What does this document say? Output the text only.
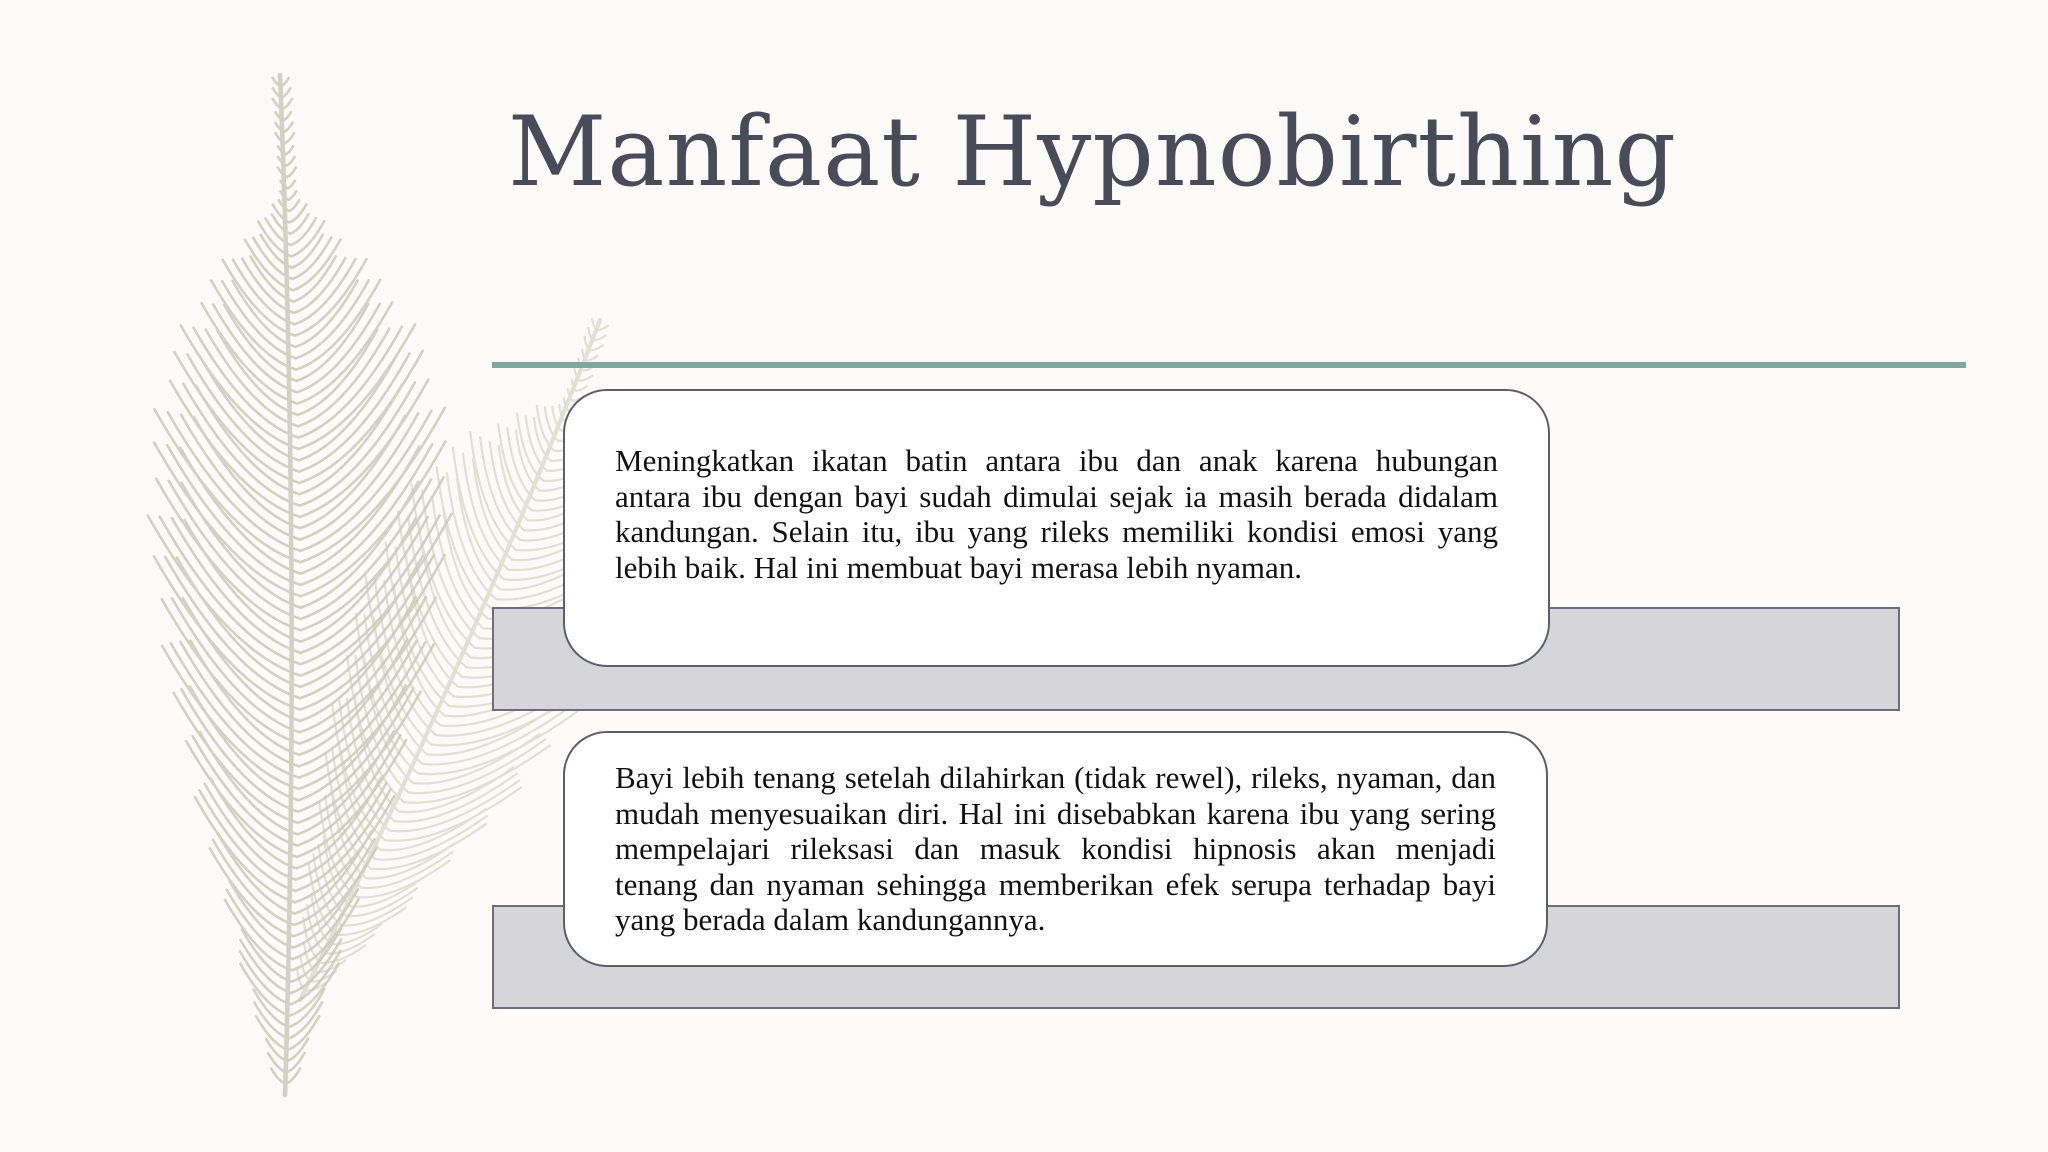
Manfaat Hypnobirthing

Meningkatkan ikatan batin antara ibu dan anak karena hubungan antara ibu dengan bayi sudah dimulai sejak ia masih berada didalam kandungan. Selain itu, ibu yang rileks memiliki kondisi emosi yang lebih baik. Hal ini membuat bayi merasa lebih nyaman.

Bayi lebih tenang setelah dilahirkan (tidak rewel), rileks, nyaman, dan mudah menyesuaikan diri. Hal ini disebabkan karena ibu yang sering mempelajari rileksasi dan masuk kondisi hipnosis akan menjadi tenang dan nyaman sehingga memberikan efek serupa terhadap bayi yang berada dalam kandungannya.
